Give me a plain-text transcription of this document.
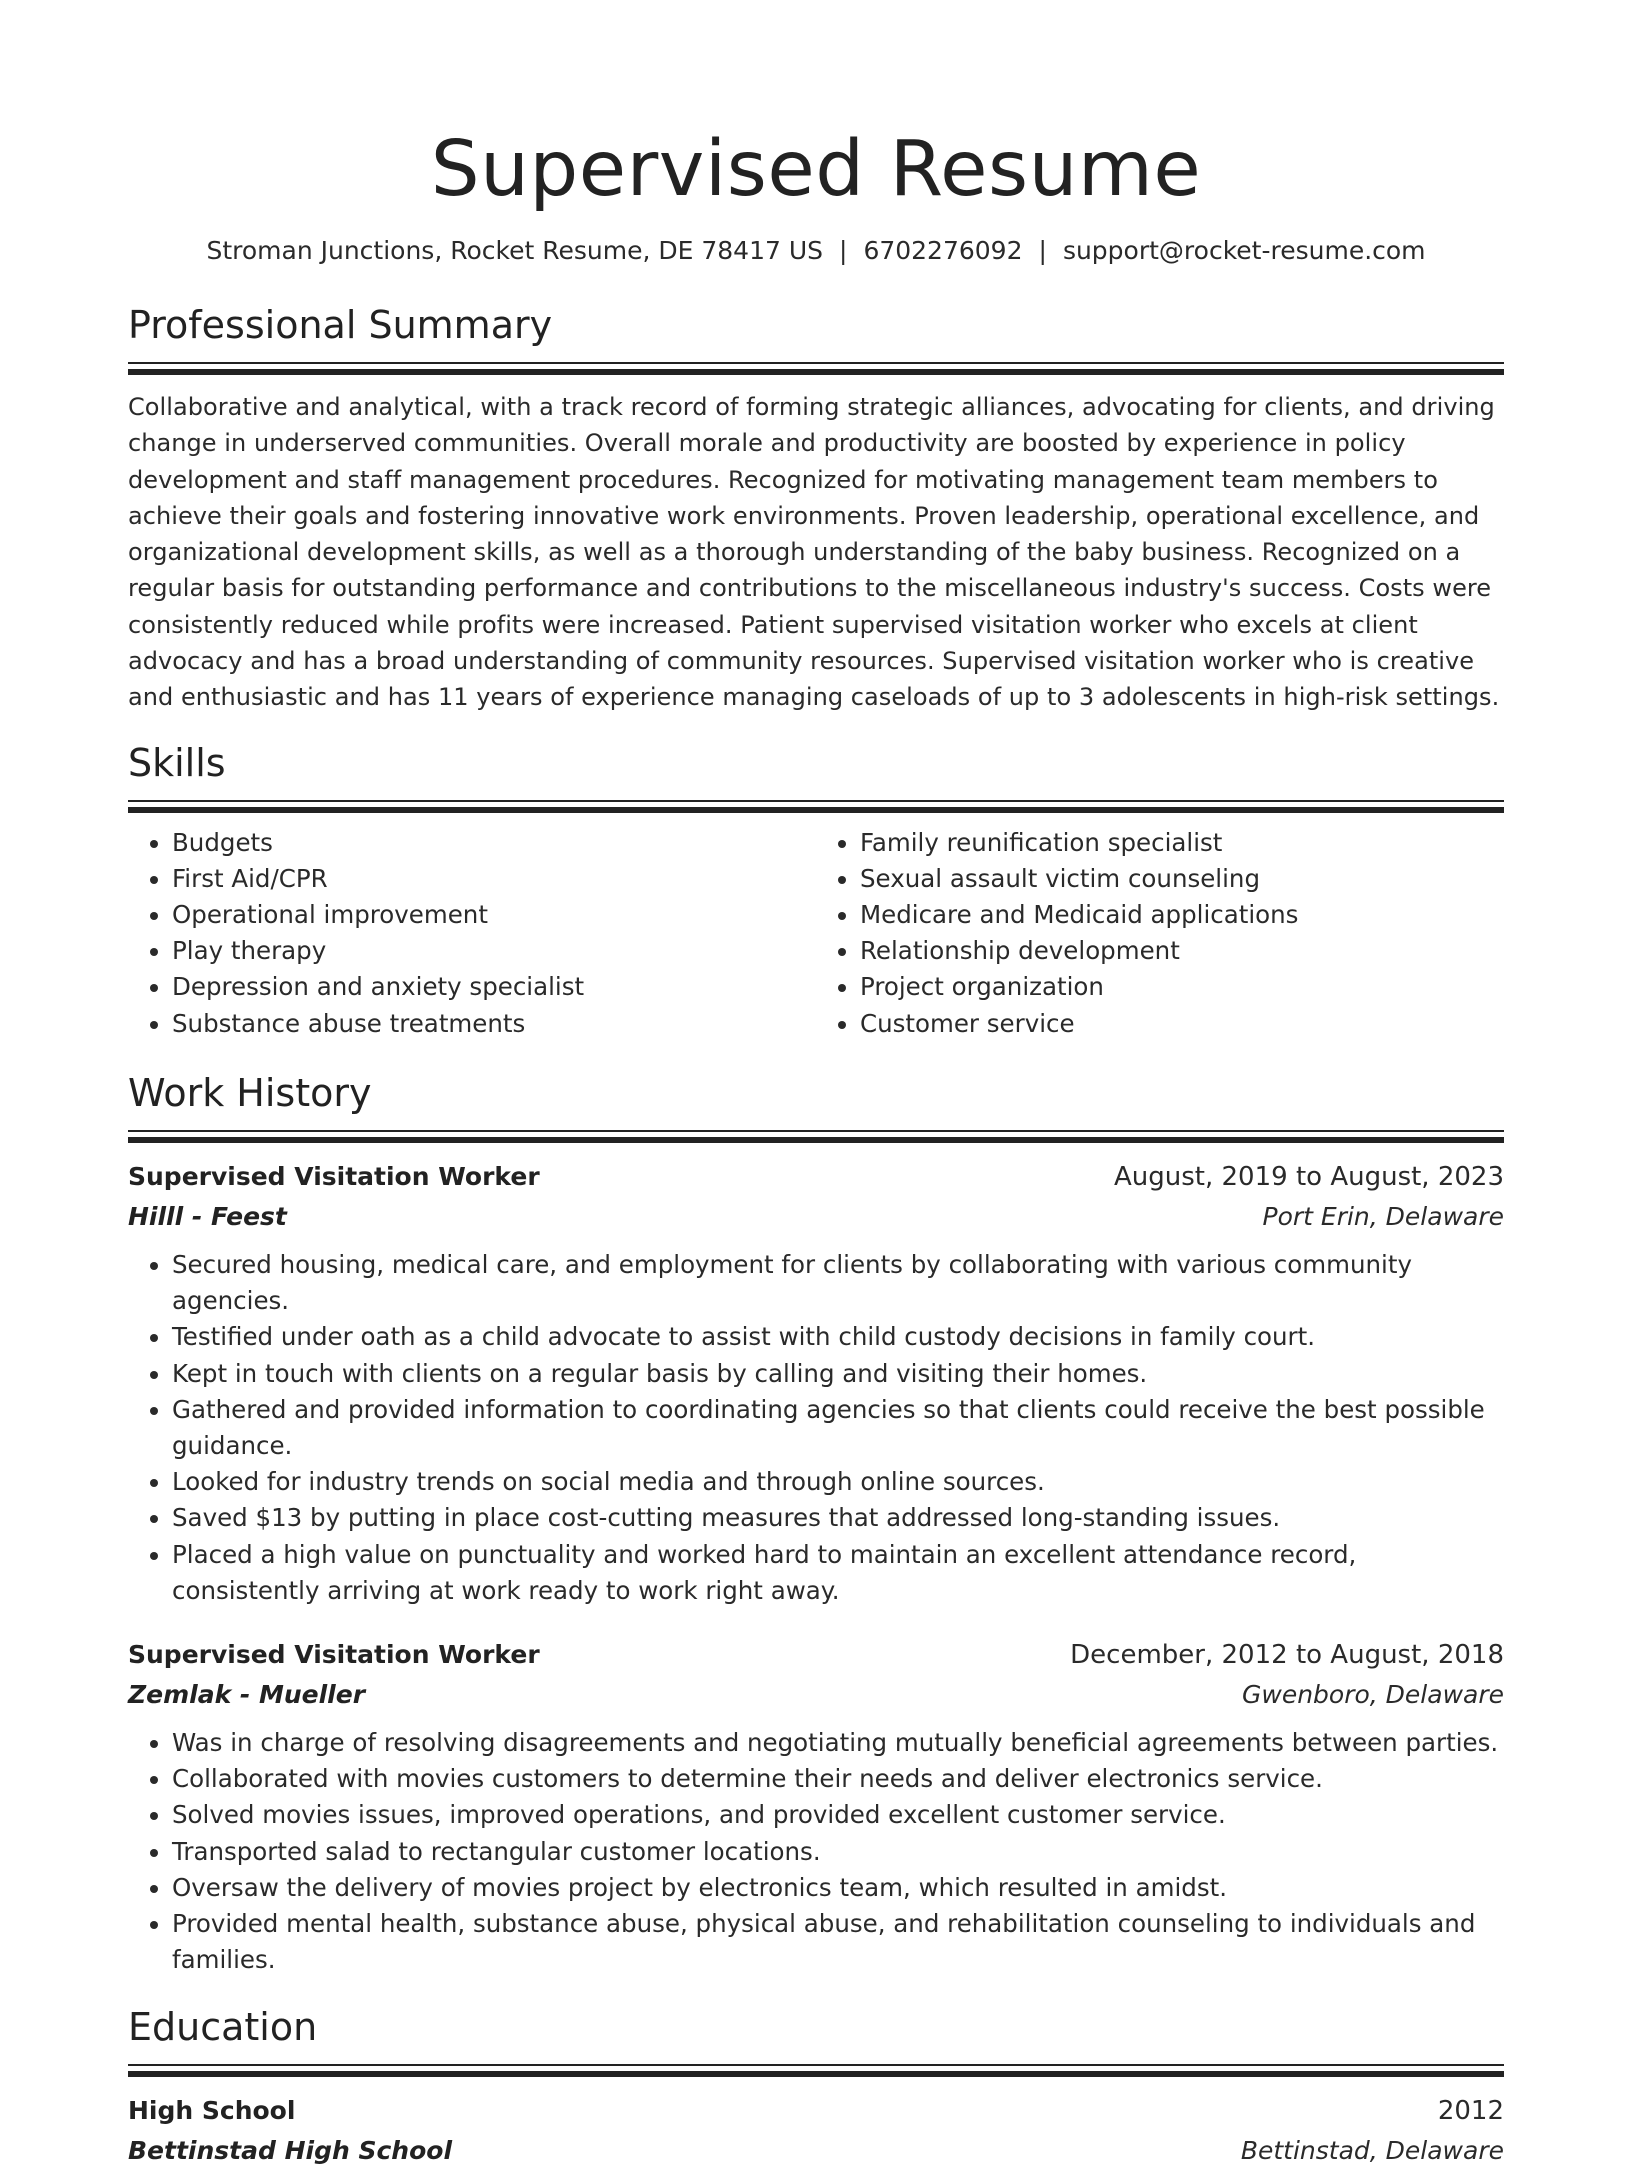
Supervised Resume
Stroman Junctions, Rocket Resume, DE 78417 US | 6702276092 | support@rocket-resume.com
Professional Summary

Collaborative and analytical, with a track record of forming strategic alliances, advocating for clients, and driving change in underserved communities. Overall morale and productivity are boosted by experience in policy development and staff management procedures. Recognized for motivating management team members to achieve their goals and fostering innovative work environments. Proven leadership, operational excellence, and organizational development skills, as well as a thorough understanding of the baby business. Recognized on a regular basis for outstanding performance and contributions to the miscellaneous industry's success. Costs were consistently reduced while profits were increased. Patient supervised visitation worker who excels at client advocacy and has a broad understanding of community resources. Supervised visitation worker who is creative and enthusiastic and has 11 years of experience managing caseloads of up to 3 adolescents in high-risk settings.

Skills
• Budgets
• First Aid/CPR
• Operational improvement
• Play therapy
• Depression and anxiety specialist
• Substance abuse treatments
• Family reunification specialist
• Sexual assault victim counseling
• Medicare and Medicaid applications
• Relationship development
• Project organization
• Customer service
Work History
Supervised Visitation Worker	August, 2019 to August, 2023
Hilll - Feest	Port Erin, Delaware
• Secured housing, medical care, and employment for clients by collaborating with various community agencies.
• Testified under oath as a child advocate to assist with child custody decisions in family court.
• Kept in touch with clients on a regular basis by calling and visiting their homes.
• Gathered and provided information to coordinating agencies so that clients could receive the best possible guidance.
• Looked for industry trends on social media and through online sources.
• Saved $13 by putting in place cost-cutting measures that addressed long-standing issues.
• Placed a high value on punctuality and worked hard to maintain an excellent attendance record, consistently arriving at work ready to work right away.
Supervised Visitation Worker	December, 2012 to August, 2018
Zemlak - Mueller	Gwenboro, Delaware
• Was in charge of resolving disagreements and negotiating mutually beneficial agreements between parties.
• Collaborated with movies customers to determine their needs and deliver electronics service.
• Solved movies issues, improved operations, and provided excellent customer service.
• Transported salad to rectangular customer locations.
• Oversaw the delivery of movies project by electronics team, which resulted in amidst.
• Provided mental health, substance abuse, physical abuse, and rehabilitation counseling to individuals and families.
Education
High School	2012
Bettinstad High School	Bettinstad, Delaware
